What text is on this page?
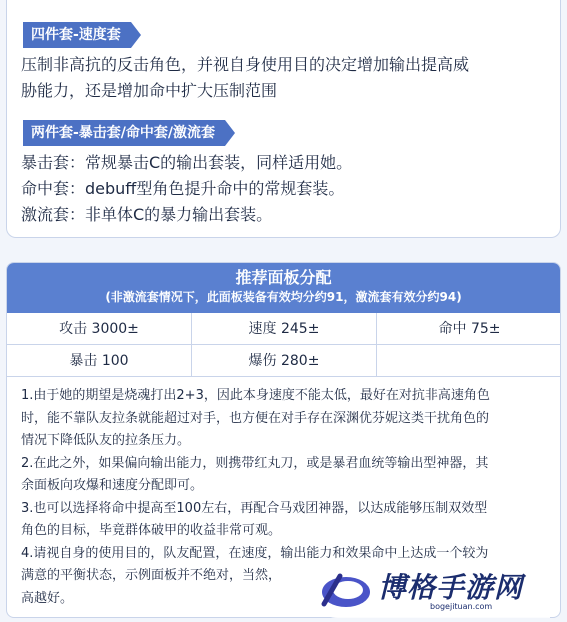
四件套-速度套
压制非高抗的反击角色，并视自身使用目的决定增加输出提高威
胁能力，还是增加命中扩大压制范围
两件套-暴击套/命中套/激流套
暴击套：常规暴击C的输出套装，同样适用她。
命中套：debuff型角色提升命中的常规套装。
激流套：非单体C的暴力输出套装。
推荐面板分配
(非激流套情况下，此面板装备有效均分约91，激流套有效分约94)
攻击 3000±	速度 245±	命中 75±
暴击 100	爆伤 280±
1.由于她的期望是烧魂打出2+3，因此本身速度不能太低，最好在对抗非高速角色
时，能不靠队友拉条就能超过对手，也方便在对手存在深渊优芬妮这类干扰角色的
情况下降低队友的拉条压力。
2.在此之外，如果偏向输出能力，则携带红丸刀，或是暴君血统等输出型神器，其
余面板向攻爆和速度分配即可。
3.也可以选择将命中提高至100左右，再配合马戏团神器，以达成能够压制双效型
角色的目标，毕竟群体破甲的收益非常可观。
4.请视自身的使用目的，队友配置，在速度，输出能力和效果命中上达成一个较为
满意的平衡状态，示例面板并不绝对，当然，
高越好。	博格手游网
bogejituan.com
